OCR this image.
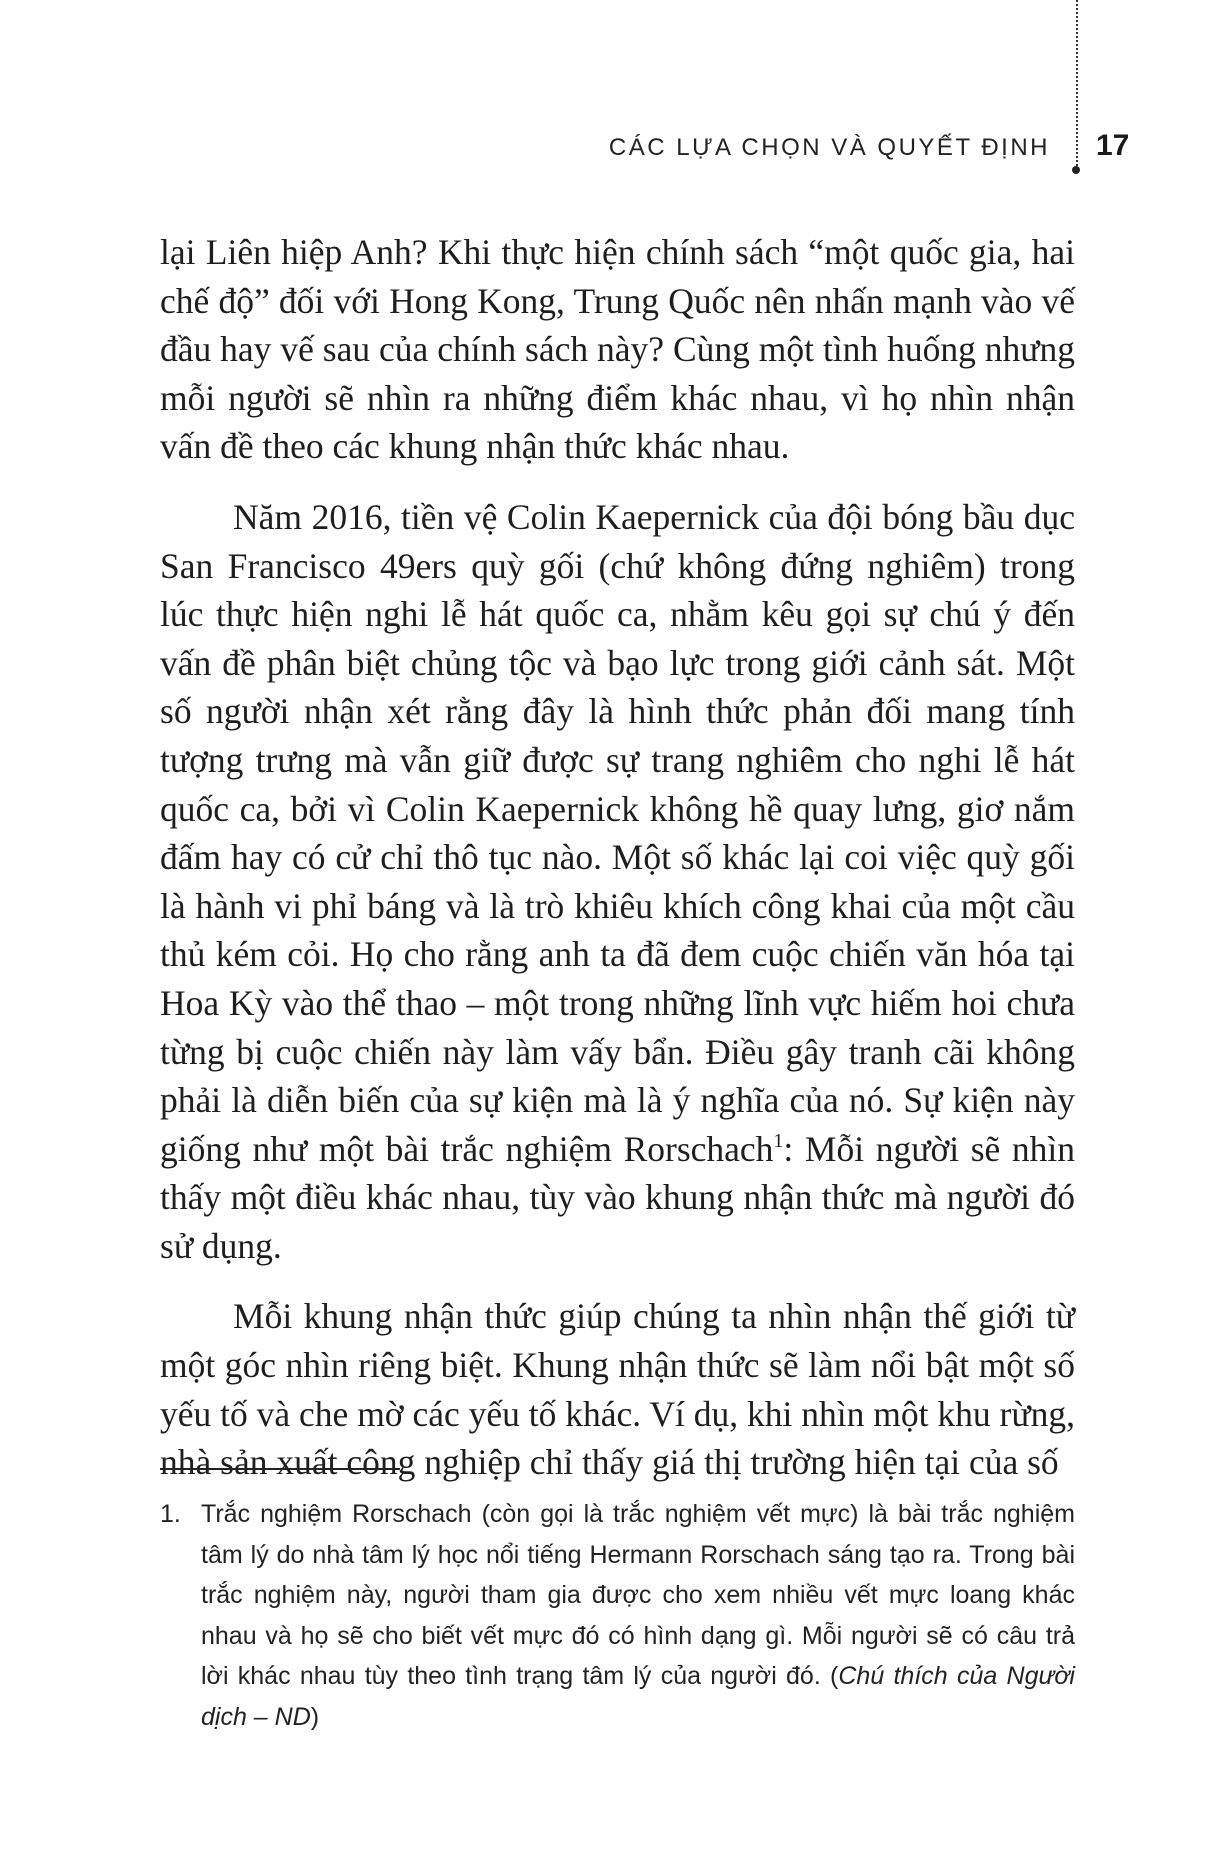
CÁC LỰA CHỌN VÀ QUYẾT ĐỊNH 17

lại Liên hiệp Anh? Khi thực hiện chính sách “một quốc gia, hai chế độ” đối với Hong Kong, Trung Quốc nên nhấn mạnh vào vế đầu hay vế sau của chính sách này? Cùng một tình huống nhưng mỗi người sẽ nhìn ra những điểm khác nhau, vì họ nhìn nhận vấn đề theo các khung nhận thức khác nhau.

Năm 2016, tiền vệ Colin Kaepernick của đội bóng bầu dục San Francisco 49ers quỳ gối (chứ không đứng nghiêm) trong lúc thực hiện nghi lễ hát quốc ca, nhằm kêu gọi sự chú ý đến vấn đề phân biệt chủng tộc và bạo lực trong giới cảnh sát. Một số người nhận xét rằng đây là hình thức phản đối mang tính tượng trưng mà vẫn giữ được sự trang nghiêm cho nghi lễ hát quốc ca, bởi vì Colin Kaepernick không hề quay lưng, giơ nắm đấm hay có cử chỉ thô tục nào. Một số khác lại coi việc quỳ gối là hành vi phỉ báng và là trò khiêu khích công khai của một cầu thủ kém cỏi. Họ cho rằng anh ta đã đem cuộc chiến văn hóa tại Hoa Kỳ vào thể thao – một trong những lĩnh vực hiếm hoi chưa từng bị cuộc chiến này làm vấy bẩn. Điều gây tranh cãi không phải là diễn biến của sự kiện mà là ý nghĩa của nó. Sự kiện này giống như một bài trắc nghiệm Rorschach$^1$: Mỗi người sẽ nhìn thấy một điều khác nhau, tùy vào khung nhận thức mà người đó sử dụng.

Mỗi khung nhận thức giúp chúng ta nhìn nhận thế giới từ một góc nhìn riêng biệt. Khung nhận thức sẽ làm nổi bật một số yếu tố và che mờ các yếu tố khác. Ví dụ, khi nhìn một khu rừng, nhà sản xuất công nghiệp chỉ thấy giá thị trường hiện tại của số

1. Trắc nghiệm Rorschach (còn gọi là trắc nghiệm vết mực) là bài trắc nghiệm tâm lý do nhà tâm lý học nổi tiếng Hermann Rorschach sáng tạo ra. Trong bài trắc nghiệm này, người tham gia được cho xem nhiều vết mực loang khác nhau và họ sẽ cho biết vết mực đó có hình dạng gì. Mỗi người sẽ có câu trả lời khác nhau tùy theo tình trạng tâm lý của người đó. (Chú thích của Người dịch – ND)
